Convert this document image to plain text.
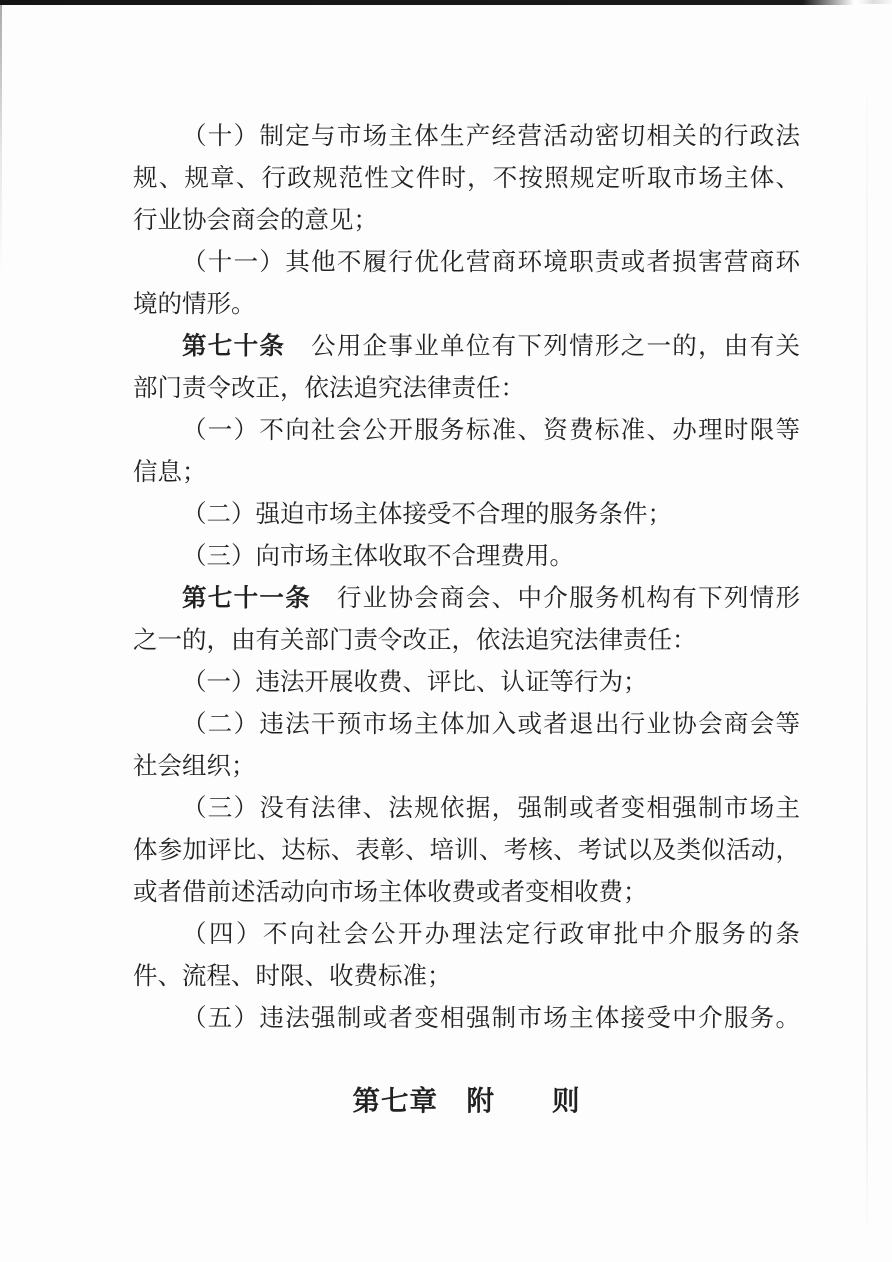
（十）制定与市场主体生产经营活动密切相关的行政法
规、规章、行政规范性文件时，不按照规定听取市场主体、
行业协会商会的意见；
（十一）其他不履行优化营商环境职责或者损害营商环
境的情形。
第七十条　公用企事业单位有下列情形之一的，由有关
部门责令改正，依法追究法律责任：
（一）不向社会公开服务标准、资费标准、办理时限等
信息；
（二）强迫市场主体接受不合理的服务条件；
（三）向市场主体收取不合理费用。
第七十一条　行业协会商会、中介服务机构有下列情形
之一的，由有关部门责令改正，依法追究法律责任：
（一）违法开展收费、评比、认证等行为；
（二）违法干预市场主体加入或者退出行业协会商会等
社会组织；
（三）没有法律、法规依据，强制或者变相强制市场主
体参加评比、达标、表彰、培训、考核、考试以及类似活动，
或者借前述活动向市场主体收费或者变相收费；
（四）不向社会公开办理法定行政审批中介服务的条
件、流程、时限、收费标准；
（五）违法强制或者变相强制市场主体接受中介服务。
第七章　附　　则
